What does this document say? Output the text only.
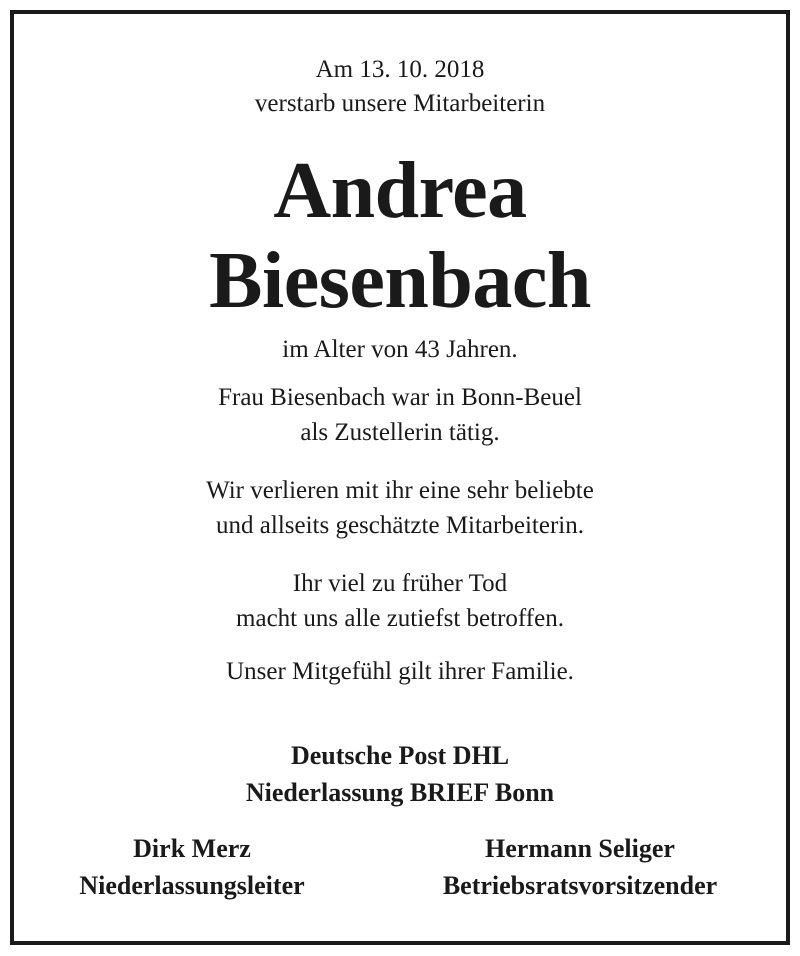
Am 13. 10. 2018
verstarb unsere Mitarbeiterin
Andrea
Biesenbach
im Alter von 43 Jahren.
Frau Biesenbach war in Bonn-Beuel
als Zustellerin tätig.
Wir verlieren mit ihr eine sehr beliebte
und allseits geschätzte Mitarbeiterin.
Ihr viel zu früher Tod
macht uns alle zutiefst betroffen.
Unser Mitgefühl gilt ihrer Familie.
Deutsche Post DHL
Niederlassung BRIEF Bonn
Dirk Merz
Niederlassungsleiter
Hermann Seliger
Betriebsratsvorsitzender
